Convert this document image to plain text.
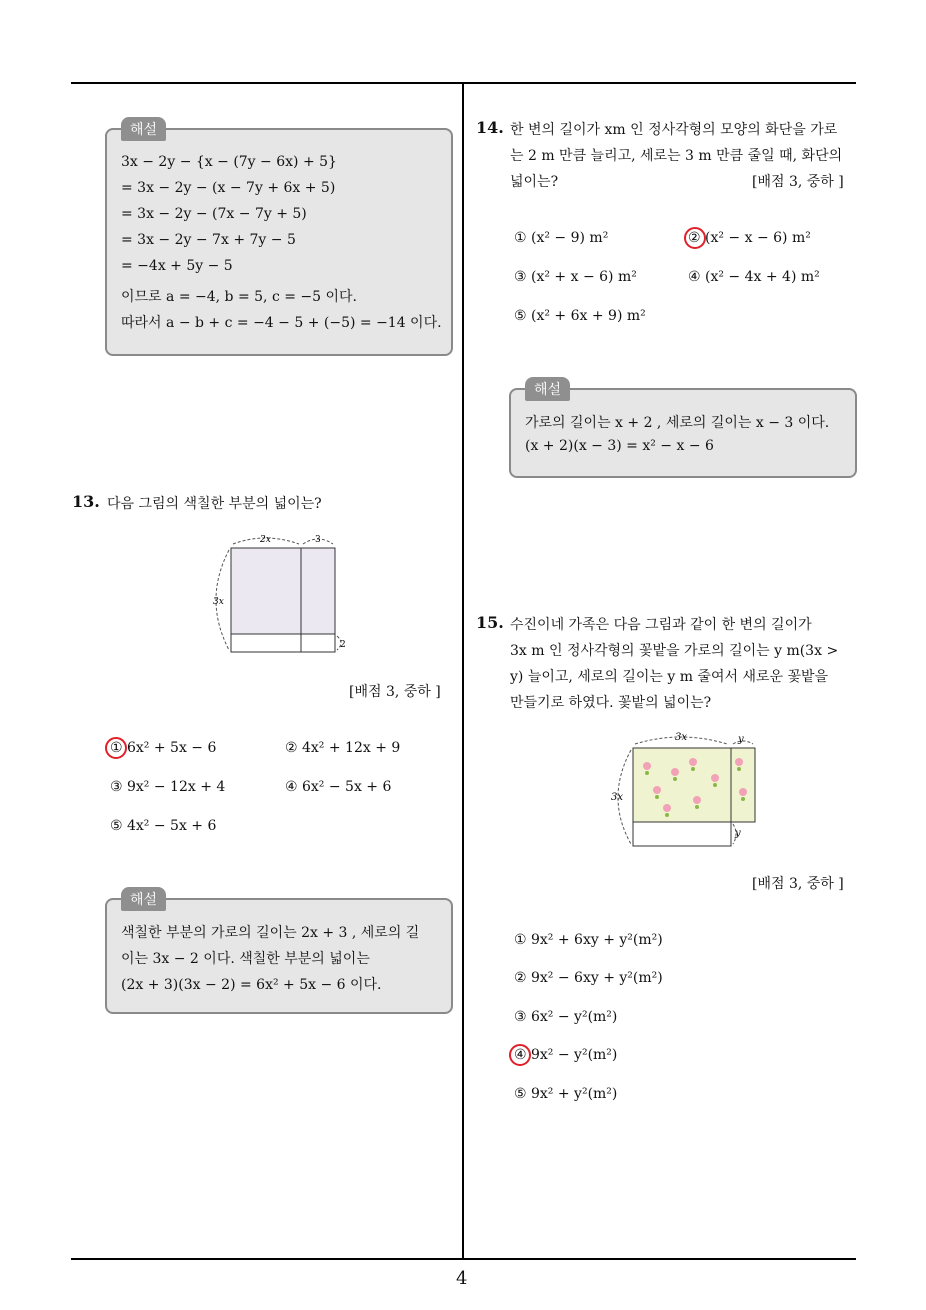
4
해설
3x − 2y − {x − (7y − 6x) + 5}
= 3x − 2y − (x − 7y + 6x + 5)
= 3x − 2y − (7x − 7y + 5)
= 3x − 2y − 7x + 7y − 5
= −4x + 5y − 5
이므로 a = −4, b = 5, c = −5 이다.
따라서 a − b + c = −4 − 5 + (−5) = −14 이다.
13. 다음 그림의 색칠한 부분의 넓이는?
2x	3
3x
2
[배점 3, 중하 ]
① 6x² + 5x − 6	② 4x² + 12x + 9
③ 9x² − 12x + 4	④ 6x² − 5x + 6
⑤ 4x² − 5x + 6
해설
색칠한 부분의 가로의 길이는 2x + 3 , 세로의 길
이는 3x − 2 이다. 색칠한 부분의 넓이는
(2x + 3)(3x − 2) = 6x² + 5x − 6 이다.
14. 한 변의 길이가 xm 인 정사각형의 모양의 화단을 가로
는 2 m 만큼 늘리고, 세로는 3 m 만큼 줄일 때, 화단의
넓이는?	[배점 3, 중하 ]
① (x² − 9) m²	② (x² − x − 6) m²
③ (x² + x − 6) m²	④ (x² − 4x + 4) m²
⑤ (x² + 6x + 9) m²
해설
가로의 길이는 x + 2 , 세로의 길이는 x − 3 이다.
(x + 2)(x − 3) = x² − x − 6
15. 수진이네 가족은 다음 그림과 같이 한 변의 길이가
3x m 인 정사각형의 꽃밭을 가로의 길이는 y m(3x >
y) 늘이고, 세로의 길이는 y m 줄여서 새로운 꽃밭을
만들기로 하였다. 꽃밭의 넓이는?
3x	y
3x
y
[배점 3, 중하 ]
① 9x² + 6xy + y²(m²)
② 9x² − 6xy + y²(m²)
③ 6x² − y²(m²)
④ 9x² − y²(m²)
⑤ 9x² + y²(m²)
